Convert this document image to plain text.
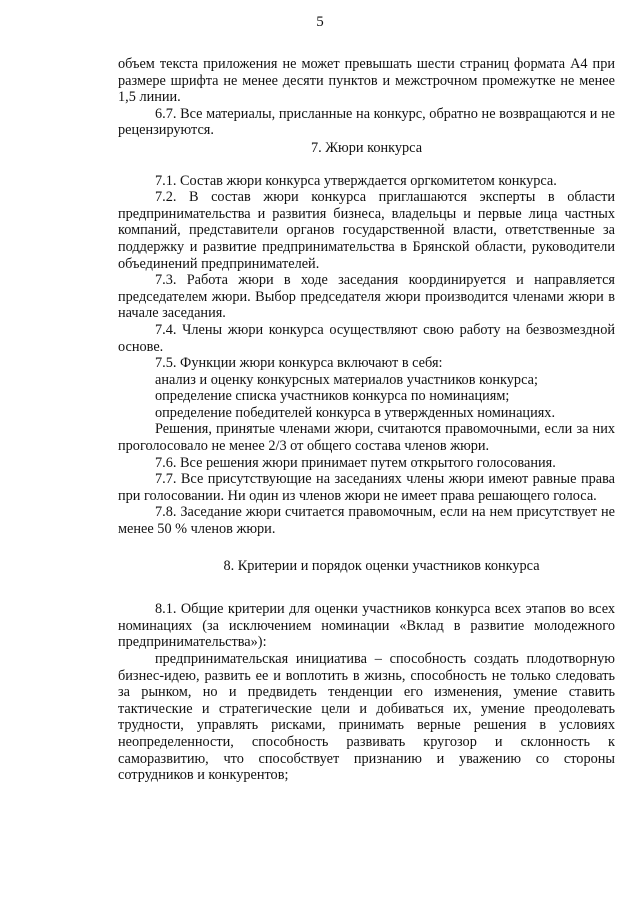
5

объем текста приложения не может превышать шести страниц формата А4 при размере шрифта не менее десяти пунктов и межстрочном промежутке не менее 1,5 линии.

6.7. Все материалы, присланные на конкурс, обратно не возвращаются и не рецензируются.

7. Жюри конкурса

7.1. Состав жюри конкурса утверждается оргкомитетом конкурса.

7.2. В состав жюри конкурса приглашаются эксперты в области предпринимательства и развития бизнеса, владельцы и первые лица частных компаний, представители органов государственной власти, ответственные за поддержку и развитие предпринимательства в Брянской области, руководители объединений предпринимателей.

7.3. Работа жюри в ходе заседания координируется и направляется председателем жюри. Выбор председателя жюри производится членами жюри в начале заседания.

7.4. Члены жюри конкурса осуществляют свою работу на безвозмездной основе.

7.5. Функции жюри конкурса включают в себя:

анализ и оценку конкурсных материалов участников конкурса;

определение списка участников конкурса по номинациям;

определение победителей конкурса в утвержденных номинациях.

Решения, принятые членами жюри, считаются правомочными, если за них проголосовало не менее 2/3 от общего состава членов жюри.

7.6. Все решения жюри принимает путем открытого голосования.

7.7. Все присутствующие на заседаниях члены жюри имеют равные права при голосовании. Ни один из членов жюри не имеет права решающего голоса.

7.8. Заседание жюри считается правомочным, если на нем присутствует не менее 50 % членов жюри.

8. Критерии и порядок оценки участников конкурса

8.1. Общие критерии для оценки участников конкурса всех этапов во всех номинациях (за исключением номинации «Вклад в развитие молодежного предпринимательства»):

предпринимательская инициатива – способность создать плодотворную бизнес-идею, развить ее и воплотить в жизнь, способность не только следовать за рынком, но и предвидеть тенденции его изменения, умение ставить тактические и стратегические цели и добиваться их, умение преодолевать трудности, управлять рисками, принимать верные решения в условиях неопределенности, способность развивать кругозор и склонность к саморазвитию, что способствует признанию и уважению со стороны сотрудников и конкурентов;
